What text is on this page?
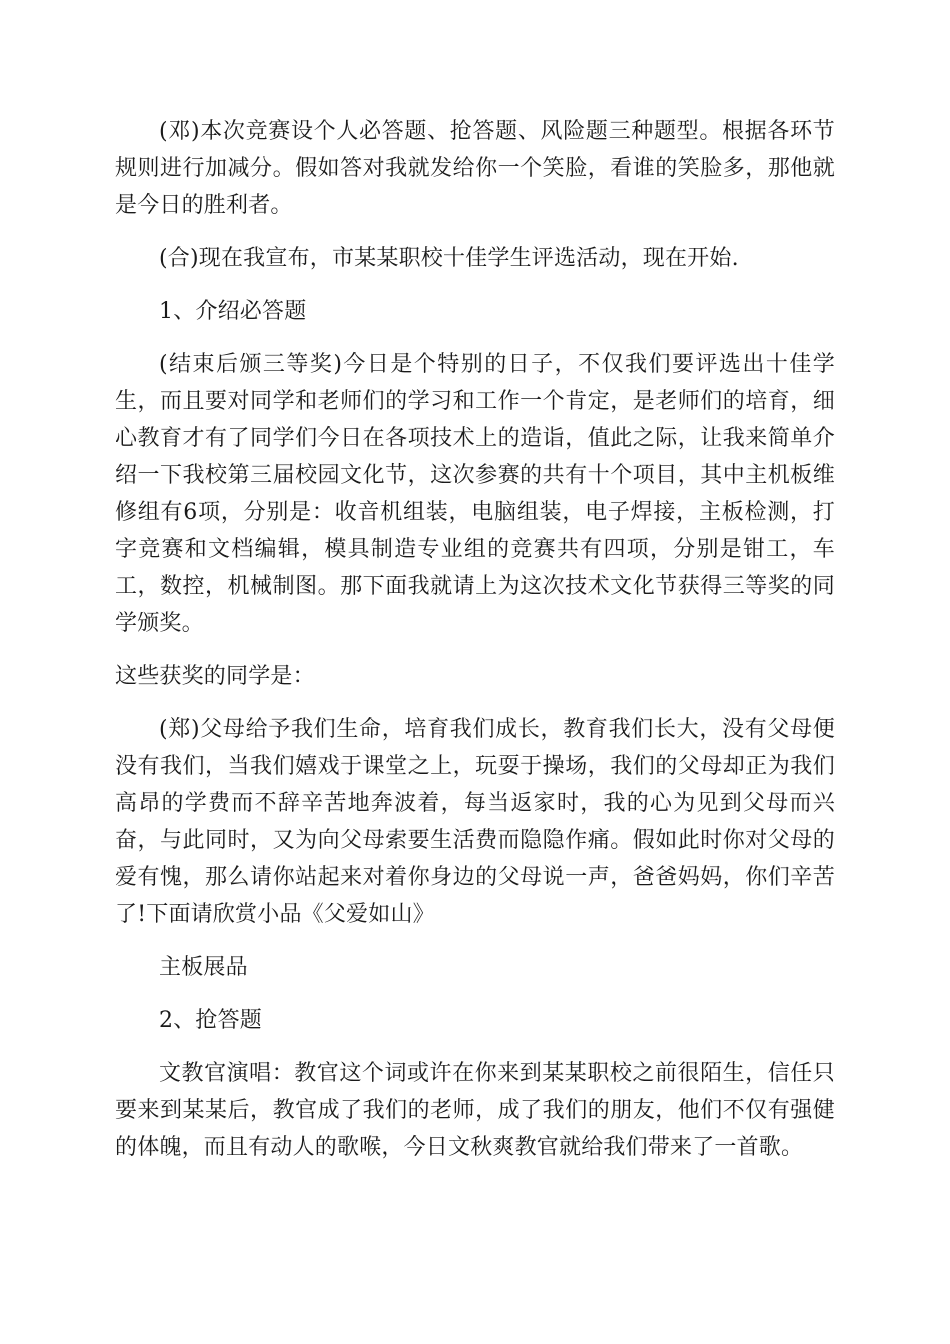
(邓)本次竞赛设个人必答题、抢答题、风险题三种题型。根据各环节规则进行加减分。假如答对我就发给你一个笑脸，看谁的笑脸多，那他就是今日的胜利者。

(合)现在我宣布，市某某职校十佳学生评选活动，现在开始.

1、介绍必答题

(结束后颁三等奖)今日是个特别的日子，不仅我们要评选出十佳学生，而且要对同学和老师们的学习和工作一个肯定，是老师们的培育，细心教育才有了同学们今日在各项技术上的造诣，值此之际，让我来简单介绍一下我校第三届校园文化节，这次参赛的共有十个项目，其中主机板维修组有6项，分别是：收音机组装，电脑组装，电子焊接，主板检测，打字竞赛和文档编辑，模具制造专业组的竞赛共有四项，分别是钳工，车工，数控，机械制图。那下面我就请上为这次技术文化节获得三等奖的同学颁奖。

这些获奖的同学是：

(郑)父母给予我们生命，培育我们成长，教育我们长大，没有父母便没有我们，当我们嬉戏于课堂之上，玩耍于操场，我们的父母却正为我们高昂的学费而不辞辛苦地奔波着，每当返家时，我的心为见到父母而兴奋，与此同时，又为向父母索要生活费而隐隐作痛。假如此时你对父母的爱有愧，那么请你站起来对着你身边的父母说一声，爸爸妈妈，你们辛苦了!下面请欣赏小品《父爱如山》

主板展品

2、抢答题

文教官演唱：教官这个词或许在你来到某某职校之前很陌生，信任只要来到某某后，教官成了我们的老师，成了我们的朋友，他们不仅有强健的体魄，而且有动人的歌喉，今日文秋爽教官就给我们带来了一首歌。
